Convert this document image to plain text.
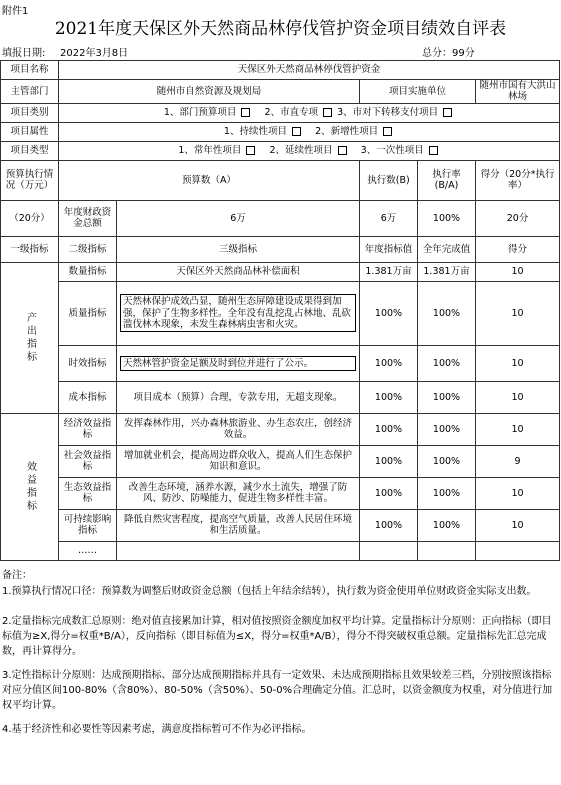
附件1
2021年度天保区外天然商品林停伐管护资金项目绩效自评表
填报日期: 2022年3月8日	总分：99分
项目名称	天保区外天然商品林停伐管护资金				
主管部门	随州市自然资源及规划局		项目实施单位		随州市国有大洪山林场
项目类别	1、部门预算项目 2、市直专项 3、市对下转移支付项目				
项目属性	1、持续性项目 2、新增性项目				
项目类型	1、常年性项目 2、延续性项目 3、一次性项目				
预算执行情况（万元）	预算数（A）		执行数(B)	执行率(B/A)	得分（20分*执行率）
（20分）	年度财政资金总额	6万	6万	100%	20分
一级指标	二级指标	三级指标	年度指标值	全年完成值	得分
产出指标	数量指标	天保区外天然商品林补偿面积	1.381万亩	1.381万亩	10
	质量指标	天然林保护成效凸显，随州生态屏障建设成果得到加强，保护了生物多样性。全年没有乱挖乱占林地、乱砍滥伐林木现象，未发生森林病虫害和火灾。	100%	100%	10
	时效指标	天然林管护资金足额及时到位并进行了公示。	100%	100%	10
	成本指标	项目成本（预算）合理，专款专用，无超支现象。	100%	100%	10
效益指标	经济效益指标	发挥森林作用，兴办森林旅游业、办生态农庄，创经济效益。	100%	100%	10
	社会效益指标	增加就业机会，提高周边群众收入，提高人们生态保护知识和意识。	100%	100%	9
	生态效益指标	改善生态环境，涵养水源，减少水土流失，增强了防风、防沙、防噪能力，促进生物多样性丰富。	100%	100%	10
	可持续影响指标	降低自然灾害程度，提高空气质量，改善人民居住环境和生活质量。	100%	100%	10
	……				
备注：
1.预算执行情况口径：预算数为调整后财政资金总额（包括上年结余结转），执行数为资金使用单位财政资金实际支出数。
2.定量指标完成数汇总原则：绝对值直接累加计算，相对值按照资金额度加权平均计算。定量指标计分原则：正向指标（即目标值为≥X,得分=权重*B/A），反向指标（即目标值为≤X，得分=权重*A/B），得分不得突破权重总额。定量指标先汇总完成数，再计算得分。
3.定性指标计分原则：达成预期指标、部分达成预期指标并具有一定效果、未达成预期指标且效果较差三档，分别按照该指标对应分值区间100-80%（含80%）、80-50%（含50%）、50-0%合理确定分值。汇总时，以资金额度为权重，对分值进行加权平均计算。
4.基于经济性和必要性等因素考虑，满意度指标暂可不作为必评指标。
